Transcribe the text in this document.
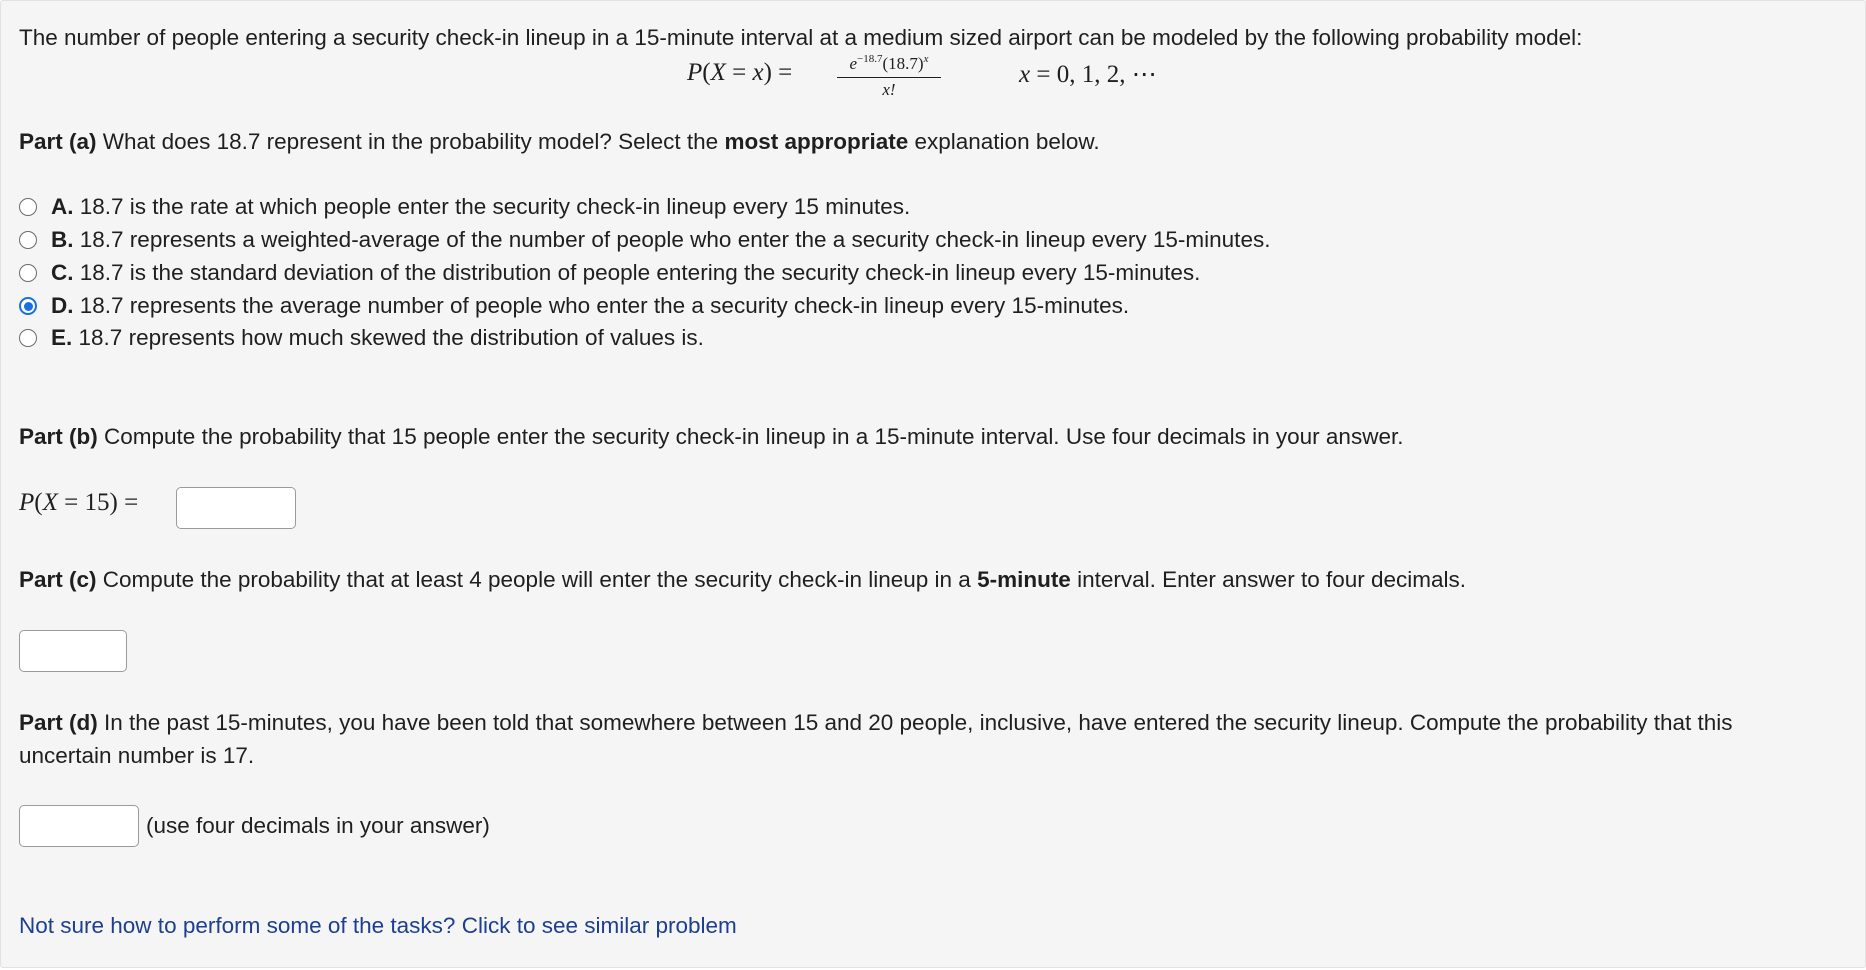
The number of people entering a security check-in lineup in a 15-minute interval at a medium sized airport can be modeled by the following probability model:
P(X = x) =	$e^{-18.7}(18.7)^x$
x!
x = 0, 1, 2, ⋯
Part (a) What does 18.7 represent in the probability model? Select the most appropriate explanation below.
A. 18.7 is the rate at which people enter the security check-in lineup every 15 minutes.
B. 18.7 represents a weighted-average of the number of people who enter the a security check-in lineup every 15-minutes.
C. 18.7 is the standard deviation of the distribution of people entering the security check-in lineup every 15-minutes.
D. 18.7 represents the average number of people who enter the a security check-in lineup every 15-minutes.
E. 18.7 represents how much skewed the distribution of values is.
Part (b) Compute the probability that 15 people enter the security check-in lineup in a 15-minute interval. Use four decimals in your answer.
P(X = 15) =
Part (c) Compute the probability that at least 4 people will enter the security check-in lineup in a 5-minute interval. Enter answer to four decimals.
Part (d) In the past 15-minutes, you have been told that somewhere between 15 and 20 people, inclusive, have entered the security lineup. Compute the probability that this
uncertain number is 17.
(use four decimals in your answer)
Not sure how to perform some of the tasks? Click to see similar problem
